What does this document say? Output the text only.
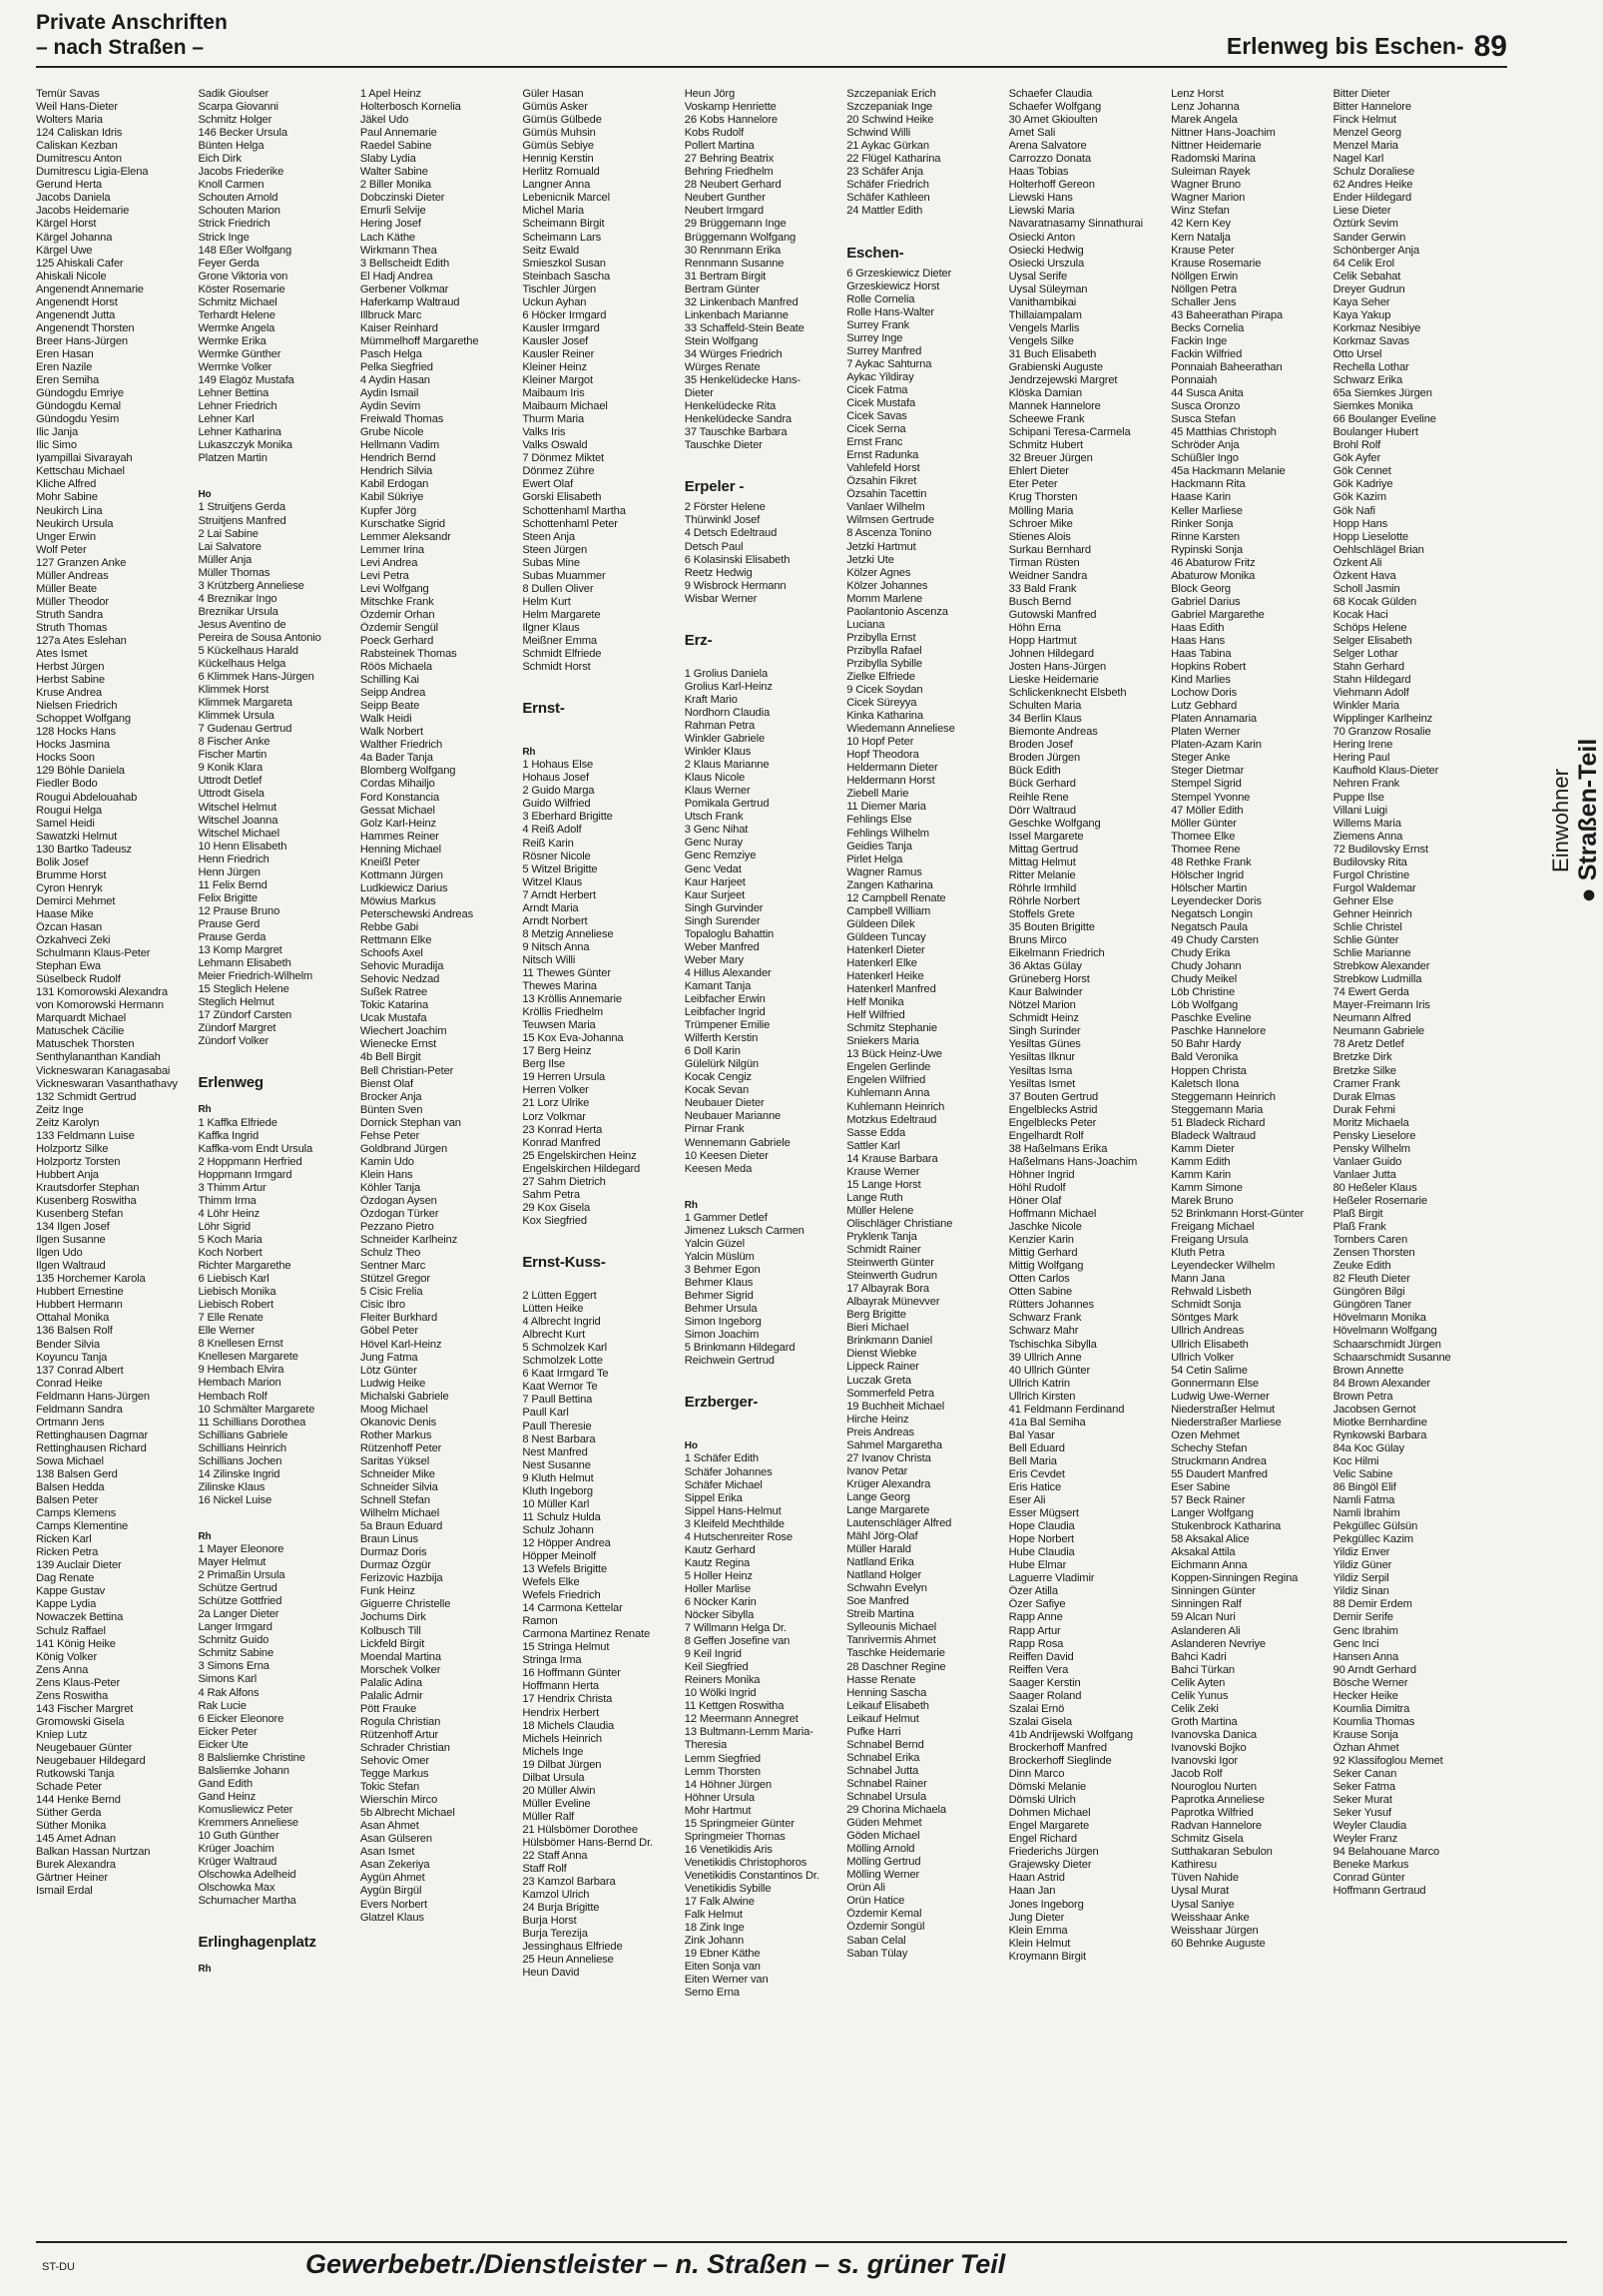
Private Anschriften
– nach Straßen –	Erlenweg bis Eschen- 89
Einwohner ● Straßen-Teil
Temür Savas
Weil Hans-Dieter
Wolters Maria
124 Caliskan Idris
Caliskan Kezban
Dumitrescu Anton
Dumitrescu Ligia-Elena
Gerund Herta
Jacobs Daniela
Jacobs Heidemarie
Kärgel Horst
Kärgel Johanna
Kärgel Uwe
125 Ahiskali Cafer
Ahiskali Nicole
Angenendt Annemarie
Angenendt Horst
Angenendt Jutta
Angenendt Thorsten
Breer Hans-Jürgen
Eren Hasan
Eren Nazile
Eren Semiha
Gündogdu Emriye
Gündogdu Kemal
Gündogdu Yesim
Ilic Janja
Ilic Simo
Iyampillai Sivarayah
Kettschau Michael
Kliche Alfred
Mohr Sabine
Neukirch Lina
Neukirch Ursula
Unger Erwin
Wolf Peter
127 Granzen Anke
Müller Andreas
Müller Beate
Müller Theodor
Struth Sandra
Struth Thomas
127a Ates Eslehan
Ates Ismet
Herbst Jürgen
Herbst Sabine
Kruse Andrea
Nielsen Friedrich
Schoppet Wolfgang
128 Hocks Hans
Hocks Jasmina
Hocks Soon
129 Böhle Daniela
Fiedler Bodo
Rougui Abdelouahab
Rougui Helga
Samel Heidi
Sawatzki Helmut
130 Bartko Tadeusz
Bolik Josef
Brumme Horst
Cyron Henryk
Demirci Mehmet
Haase Mike
Özcan Hasan
Özkahveci Zeki
Schulmann Klaus-Peter
Stephan Ewa
Süselbeck Rudolf
131 Komorowski Alexandra
von Komorowski Hermann
Marquardt Michael
Matuschek Cäcilie
Matuschek Thorsten
Senthylananthan Kandiah
Vickneswaran Kanagasabai
Vickneswaran Vasanthathavy
132 Schmidt Gertrud
Zeitz Inge
Zeitz Karolyn
133 Feldmann Luise
Holzportz Silke
Holzportz Torsten
Hubbert Anja
Krautsdorfer Stephan
Kusenberg Roswitha
Kusenberg Stefan
134 Ilgen Josef
Ilgen Susanne
Ilgen Udo
Ilgen Waltraud
135 Horchemer Karola
Hubbert Ernestine
Hubbert Hermann
Ottahal Monika
136 Balsen Rolf
Bender Silvia
Koyuncu Tanja
137 Conrad Albert
Conrad Heike
Feldmann Hans-Jürgen
Feldmann Sandra
Ortmann Jens
Rettinghausen Dagmar
Rettinghausen Richard
Sowa Michael
138 Balsen Gerd
Balsen Hedda
Balsen Peter
Camps Klemens
Camps Klementine
Ricken Karl
Ricken Petra
139 Auclair Dieter
Dag Renate
Kappe Gustav
Kappe Lydia
Nowaczek Bettina
Schulz Raffael
141 König Heike
König Volker
Zens Anna
Zens Klaus-Peter
Zens Roswitha
143 Fischer Margret
Gromowski Gisela
Kniep Lutz
Neugebauer Günter
Neugebauer Hildegard
Rutkowski Tanja
Schade Peter
144 Henke Bernd
Süther Gerda
Süther Monika
145 Amet Adnan
Balkan Hassan Nurtzan
Burek Alexandra
Gärtner Heiner
Ismail Erdal
Sadik Gioulser
Scarpa Giovanni
Schmitz Holger
146 Becker Ursula
Bünten Helga
Eich Dirk
Jacobs Friederike
Knoll Carmen
Schouten Arnold
Schouten Marion
Strick Friedrich
Strick Inge
148 Eßer Wolfgang
Feyer Gerda
Grone Viktoria von
Köster Rosemarie
Schmitz Michael
Terhardt Helene
Wermke Angela
Wermke Erika
Wermke Günther
Wermke Volker
149 Elagöz Mustafa
Lehner Bettina
Lehner Friedrich
Lehner Karl
Lehner Katharina
Lukaszczyk Monika
Platzen Martin

Ho
1 Struitjens Gerda
Struitjens Manfred
2 Lai Sabine
Lai Salvatore
Müller Anja
Müller Thomas
3 Krützberg Anneliese
4 Breznikar Ingo
Breznikar Ursula
Jesus Aventino de
Pereira de Sousa Antonio
5 Kückelhaus Harald
Kückelhaus Helga
6 Klimmek Hans-Jürgen
Klimmek Horst
Klimmek Margareta
Klimmek Ursula
7 Gudenau Gertrud
8 Fischer Anke
Fischer Martin
9 Konik Klara
Uttrodt Detlef
Uttrodt Gisela
Witschel Helmut
Witschel Joanna
Witschel Michael
10 Henn Elisabeth
Henn Friedrich
Henn Jürgen
11 Felix Bernd
Felix Brigitte
12 Prause Bruno
Prause Gerd
Prause Gerda
13 Komp Margret
Lehmann Elisabeth
Meier Friedrich-Wilhelm
15 Steglich Helene
Steglich Helmut
17 Zündorf Carsten
Zündorf Margret
Zündorf Volker

Erlenweg
Rh
1 Kaffka Elfriede
Kaffka Ingrid
Kaffka-vom Endt Ursula
2 Hoppmann Herfried
Hoppmann Irmgard
3 Thimm Artur
Thimm Irma
4 Löhr Heinz
Löhr Sigrid
5 Koch Maria
Koch Norbert
Richter Margarethe
6 Liebisch Karl
Liebisch Monika
Liebisch Robert
7 Elle Renate
Elle Werner
8 Knellesen Ernst
Knellesen Margarete
9 Hembach Elvira
Hembach Marion
Hembach Rolf
10 Schmälter Margarete
11 Schillians Dorothea
Schillians Gabriele
Schillians Heinrich
Schillians Jochen
14 Zilinske Ingrid
Zilinske Klaus
16 Nickel Luise

Rh
1 Mayer Eleonore
Mayer Helmut
2 Primaßin Ursula
Schütze Gertrud
Schütze Gottfried
2a Langer Dieter
Langer Irmgard
Schmitz Guido
Schmitz Sabine
3 Simons Erna
Simons Karl
4 Rak Alfons
Rak Lucie
6 Eicker Eleonore
Eicker Peter
Eicker Ute
8 Balsliemke Christine
Balsliemke Johann
Gand Edith
Gand Heinz
Komusliewicz Peter
Kremmers Anneliese
10 Guth Günther
Krüger Joachim
Krüger Waltraud
Olschowka Adelheid
Olschowka Max
Schumacher Martha

Erlinghagenplatz
Rh
1 Apel Heinz
Holterbosch Kornelia
Jäkel Udo
Paul Annemarie
Raedel Sabine
Slaby Lydia
Walter Sabine
2 Biller Monika
Dobczinski Dieter
Emurli Selvije
Hering Josef
Lach Käthe
Wirkmann Thea
3 Bellscheidt Edith
El Hadj Andrea
Gerbener Volkmar
Haferkamp Waltraud
Illbruck Marc
Kaiser Reinhard
Mümmelhoff Margarethe
Pasch Helga
Pelka Siegfried
4 Aydin Hasan
Aydin Ismail
Aydin Sevim
Freiwald Thomas
Grube Nicole
Hellmann Vadim
Hendrich Bernd
Hendrich Silvia
Kabil Erdogan
Kabil Sükriye
Kupfer Jörg
Kurschatke Sigrid
Lemmer Aleksandr
Lemmer Irina
Levi Andrea
Levi Petra
Levi Wolfgang
Mitschke Frank
Özdemir Orhan
Özdemir Sengül
Poeck Gerhard
Rabsteinek Thomas
Röös Michaela
Schilling Kai
Seipp Andrea
Seipp Beate
Walk Heidi
Walk Norbert
Walther Friedrich
4a Bader Tanja
Blomberg Wolfgang
Cordas Mihailjo
Ford Konstancia
Gessat Michael
Golz Karl-Heinz
Hammes Reiner
Henning Michael
Kneißl Peter
Kottmann Jürgen
Ludkiewicz Darius
Möwius Markus
Peterschewski Andreas
Rebbe Gabi
Rettmann Elke
Schoofs Axel
Sehovic Muradija
Sehovic Nedzad
Sußek Ratree
Tokic Katarina
Ucak Mustafa
Wiechert Joachim
Wienecke Ernst
4b Bell Birgit
Bell Christian-Peter
Bienst Olaf
Brocker Anja
Bünten Sven
Dornick Stephan van
Fehse Peter
Goldbrand Jürgen
Kamin Udo
Klein Hans
Köhler Tanja
Özdogan Aysen
Özdogan Türker
Pezzano Pietro
Schneider Karlheinz
Schulz Theo
Sentner Marc
Stützel Gregor
5 Cisic Frelia
Cisic Ibro
Fleiter Burkhard
Göbel Peter
Hövel Karl-Heinz
Jung Fatma
Lötz Günter
Ludwig Heike
Michalski Gabriele
Moog Michael
Okanovic Denis
Rother Markus
Rützenhoff Peter
Saritas Yüksel
Schneider Mike
Schneider Silvia
Schnell Stefan
Wilhelm Michael
5a Braun Eduard
Braun Linus
Durmaz Doris
Durmaz Özgür
Ferizovic Hazbija
Funk Heinz
Giguerre Christelle
Jochums Dirk
Kolbusch Till
Lickfeld Birgit
Moendal Martina
Morschek Volker
Palalic Adina
Palalic Admir
Pött Frauke
Rogula Christian
Rützenhoff Artur
Schrader Christian
Sehovic Omer
Tegge Markus
Tokic Stefan
Wierschin Mirco
5b Albrecht Michael
Asan Ahmet
Asan Gülseren
Asan Ismet
Asan Zekeriya
Aygün Ahmet
Aygün Birgül
Evers Norbert
Glatzel Klaus
Güler Hasan
Gümüs Asker
Gümüs Gülbede
Gümüs Muhsin
Gümüs Sebiye
Hennig Kerstin
Herlitz Romuald
Langner Anna
Lebenicnik Marcel
Michel Maria
Scheimann Birgit
Scheimann Lars
Seitz Ewald
Smieszkol Susan
Steinbach Sascha
Tischler Jürgen
Uckun Ayhan
6 Höcker Irmgard
Kausler Irmgard
Kausler Josef
Kausler Reiner
Kleiner Heinz
Kleiner Margot
Maibaum Iris
Maibaum Michael
Thurm Maria
Valks Iris
Valks Oswald
7 Dönmez Miktet
Dönmez Zühre
Ewert Olaf
Gorski Elisabeth
Schottenhaml Martha
Schottenhaml Peter
Steen Anja
Steen Jürgen
Subas Mine
Subas Muammer
8 Dullen Oliver
Helm Kurt
Helm Margarete
Ilgner Klaus
Meißner Emma
Schmidt Elfriede
Schmidt Horst

Ernst-

Rh
1 Hohaus Else
Hohaus Josef
2 Guido Marga
Guido Wilfried
3 Eberhard Brigitte
4 Reiß Adolf
Reiß Karin
Rösner Nicole
5 Witzel Brigitte
Witzel Klaus
7 Arndt Herbert
Arndt Maria
Arndt Norbert
8 Metzig Anneliese
9 Nitsch Anna
Nitsch Willi
11 Thewes Günter
Thewes Marina
13 Kröllis Annemarie
Kröllis Friedhelm
Teuwsen Maria
15 Kox Eva-Johanna
17 Berg Heinz
Berg Ilse
19 Herren Ursula
Herren Volker
21 Lorz Ulrike
Lorz Volkmar
23 Konrad Herta
Konrad Manfred
25 Engelskirchen Heinz
Engelskirchen Hildegard
27 Sahm Dietrich
Sahm Petra
29 Kox Gisela
Kox Siegfried

Ernst-Kuss-

2 Lütten Eggert
Lütten Heike
4 Albrecht Ingrid
Albrecht Kurt
5 Schmolzek Karl
Schmolzek Lotte
6 Kaat Irmgard Te
Kaat Wernor Te
7 Paull Bettina
Paull Karl
Paull Theresie
8 Nest Barbara
Nest Manfred
Nest Susanne
9 Kluth Helmut
Kluth Ingeborg
10 Müller Karl
11 Schulz Hulda
Schulz Johann
12 Höpper Andrea
Höpper Meinolf
13 Wefels Brigitte
Wefels Elke
Wefels Friedrich
14 Carmona Kettelar
Ramon
Carmona Martinez Renate
15 Stringa Helmut
Stringa Irma
16 Hoffmann Günter
Hoffmann Herta
17 Hendrix Christa
Hendrix Herbert
18 Michels Claudia
Michels Heinrich
Michels Inge
19 Dilbat Jürgen
Dilbat Ursula
20 Müller Alwin
Müller Eveline
Müller Ralf
21 Hülsbömer Dorothee
Hülsbömer Hans-Bernd Dr.
22 Staff Anna
Staff Rolf
23 Kamzol Barbara
Kamzol Ulrich
24 Burja Brigitte
Burja Horst
Burja Terezija
Jessinghaus Elfriede
25 Heun Anneliese
Heun David
Heun Jörg
Voskamp Henriette
26 Kobs Hannelore
Kobs Rudolf
Pollert Martina
27 Behring Beatrix
Behring Friedhelm
28 Neubert Gerhard
Neubert Gunther
Neubert Irmgard
29 Brüggemann Inge
Brüggemann Wolfgang
30 Rennmann Erika
Rennmann Susanne
31 Bertram Birgit
Bertram Günter
32 Linkenbach Manfred
Linkenbach Marianne
33 Schaffeld-Stein Beate
Stein Wolfgang
34 Würges Friedrich
Würges Renate
35 Henkelüdecke Hans-
Dieter
Henkelüdecke Rita
Henkelüdecke Sandra
37 Tauschke Barbara
Tauschke Dieter

Erpeler -
2 Förster Helene
Thürwinkl Josef
4 Detsch Edeltraud
Detsch Paul
6 Kolasinski Elisabeth
Reetz Hedwig
9 Wisbrock Hermann
Wisbar Werner

Erz-

1 Grolius Daniela
Grolius Karl-Heinz
Kraft Mario
Nordhorn Claudia
Rahman Petra
Winkler Gabriele
Winkler Klaus
2 Klaus Marianne
Klaus Nicole
Klaus Werner
Pomikala Gertrud
Utsch Frank
3 Genc Nihat
Genc Nuray
Genc Remziye
Genc Vedat
Kaur Harjeet
Kaur Surjeet
Singh Gurvinder
Singh Surender
Topaloglu Bahattin
Weber Manfred
Weber Mary
4 Hillus Alexander
Kamant Tanja
Leibfacher Erwin
Leibfacher Ingrid
Trümpener Emilie
Wilferth Kerstin
6 Doll Karin
Gülelürk Nilgün
Kocak Cengiz
Kocak Sevan
Neubauer Dieter
Neubauer Marianne
Pirnar Frank
Wennemann Gabriele
10 Keesen Dieter
Keesen Meda

Rh
1 Gammer Detlef
Jimenez Luksch Carmen
Yalcin Güzel
Yalcin Müslüm
3 Behmer Egon
Behmer Klaus
Behmer Sigrid
Behmer Ursula
Simon Ingeborg
Simon Joachim
5 Brinkmann Hildegard
Reichwein Gertrud

Erzberger-

Ho
1 Schäfer Edith
Schäfer Johannes
Schäfer Michael
Sippel Erika
Sippel Hans-Helmut
3 Kleifeld Mechthilde
4 Hutschenreiter Rose
Kautz Gerhard
Kautz Regina
5 Holler Heinz
Holler Marlise
6 Nöcker Karin
Nöcker Sibylla
7 Willmann Helga Dr.
8 Geffen Josefine van
9 Keil Ingrid
Keil Siegfried
Reiners Monika
10 Wölki Ingrid
11 Kettgen Roswitha
12 Meermann Annegret
13 Bultmann-Lemm Maria-
Theresia
Lemm Siegfried
Lemm Thorsten
14 Höhner Jürgen
Höhner Ursula
Mohr Hartmut
15 Springmeier Günter
Springmeier Thomas
16 Venetikidis Aris
Venetikidis Christophoros
Venetikidis Constantinos Dr.
Venetikidis Sybille
17 Falk Alwine
Falk Helmut
18 Zink Inge
Zink Johann
19 Ebner Käthe
Eiten Sonja van
Eiten Werner van
Serno Erna
Szczepaniak Erich
Szczepaniak Inge
20 Schwind Heike
Schwind Willi
21 Aykac Gürkan
22 Flügel Katharina
23 Schäfer Anja
Schäfer Friedrich
Schäfer Kathleen
24 Mattler Edith

Eschen-
6 Grzeskiewicz Dieter
Grzeskiewicz Horst
Rolle Cornelia
Rolle Hans-Walter
Surrey Frank
Surrey Inge
Surrey Manfred
7 Aykac Sahturna
Aykac Yildiray
Cicek Fatma
Cicek Mustafa
Cicek Savas
Cicek Serna
Ernst Franc
Ernst Radunka
Vahlefeld Horst
Özsahin Fikret
Özsahin Tacettin
Vanlaer Wilhelm
Wilmsen Gertrude
8 Ascenza Tonino
Jetzki Hartmut
Jetzki Ute
Kölzer Agnes
Kölzer Johannes
Momm Marlene
Paolantonio Ascenza
Luciana
Przibylla Ernst
Przibylla Rafael
Przibylla Sybille
Zielke Elfriede
9 Cicek Soydan
Cicek Süreyya
Kinka Katharina
Wiedemann Anneliese
10 Hopf Peter
Hopf Theodora
Heldermann Dieter
Heldermann Horst
Ziebell Marie
11 Diemer Maria
Fehlings Else
Fehlings Wilhelm
Geidies Tanja
Pirlet Helga
Wagner Ramus
Zangen Katharina
12 Campbell Renate
Campbell William
Güldeen Dilek
Güldeen Tuncay
Hatenkerl Dieter
Hatenkerl Elke
Hatenkerl Heike
Hatenkerl Manfred
Helf Monika
Helf Wilfried
Schmitz Stephanie
Sniekers Maria
13 Bück Heinz-Uwe
Engelen Gerlinde
Engelen Wilfried
Kuhlemann Anna
Kuhlemann Heinrich
Motzkus Edeltraud
Sasse Edda
Sattler Karl
14 Krause Barbara
Krause Werner
15 Lange Horst
Lange Ruth
Müller Helene
Olischläger Christiane
Pryklenk Tanja
Schmidt Rainer
Steinwerth Günter
Steinwerth Gudrun
17 Albayrak Bora
Albayrak Münevver
Berg Brigitte
Bieri Michael
Brinkmann Daniel
Dienst Wiebke
Lippeck Rainer
Luczak Greta
Sommerfeld Petra
19 Buchheit Michael
Hirche Heinz
Preis Andreas
Sahmel Margaretha
27 Ivanov Christa
Ivanov Petar
Krüger Alexandra
Lange Georg
Lange Margarete
Lautenschläger Alfred
Mähl Jörg-Olaf
Müller Harald
Natlland Erika
Natlland Holger
Schwahn Evelyn
Soe Manfred
Streib Martina
Sylleounis Michael
Tanrivermis Ahmet
Taschke Heidemarie
28 Daschner Regine
Hasse Renate
Henning Sascha
Leikauf Elisabeth
Leikauf Helmut
Pufke Harri
Schnabel Bernd
Schnabel Erika
Schnabel Jutta
Schnabel Rainer
Schnabel Ursula
29 Chorina Michaela
Güden Mehmet
Göden Michael
Mölling Arnold
Mölling Gertrud
Mölling Werner
Orün Ali
Orün Hatice
Özdemir Kemal
Özdemir Songül
Saban Celal
Saban Tülay
Schaefer Claudia
Schaefer Wolfgang
30 Amet Gkioulten
Amet Sali
Arena Salvatore
Carrozzo Donata
Haas Tobias
Holterhoff Gereon
Liewski Hans
Liewski Maria
Navaratnasamy Sinnathurai
Osiecki Anton
Osiecki Hedwig
Osiecki Urszula
Uysal Serife
Uysal Süleyman
Vanithambikai
Thillaiampalam
Vengels Marlis
Vengels Silke
31 Buch Elisabeth
Grabienski Auguste
Jendrzejewski Margret
Klöska Damian
Mannek Hannelore
Scheewe Frank
Schipani Teresa-Carmela
Schmitz Hubert
32 Breuer Jürgen
Ehlert Dieter
Eter Peter
Krug Thorsten
Mölling Maria
Schroer Mike
Stienes Alois
Surkau Bernhard
Tirman Rüsten
Weidner Sandra
33 Bald Frank
Busch Bernd
Gutowski Manfred
Höhn Erna
Hopp Hartmut
Johnen Hildegard
Josten Hans-Jürgen
Lieske Heidemarie
Schlickenknecht Elsbeth
Schulten Maria
34 Berlin Klaus
Biemonte Andreas
Broden Josef
Broden Jürgen
Bück Edith
Bück Gerhard
Reihle Rene
Dörr Waltraud
Geschke Wolfgang
Issel Margarete
Mittag Gertrud
Mittag Helmut
Ritter Melanie
Röhrle Irmhild
Röhrle Norbert
Stoffels Grete
35 Bouten Brigitte
Bruns Mirco
Eikelmann Friedrich
36 Aktas Gülay
Grüneberg Horst
Kaur Balwinder
Nötzel Marion
Schmidt Heinz
Singh Surinder
Yesiltas Günes
Yesiltas Ilknur
Yesiltas Isma
Yesiltas Ismet
37 Bouten Gertrud
Engelblecks Astrid
Engelblecks Peter
Engelhardt Rolf
38 Haßelmans Erika
Haßelmans Hans-Joachim
Höhner Ingrid
Höhl Rudolf
Höner Olaf
Hoffmann Michael
Jaschke Nicole
Kenzier Karin
Mittig Gerhard
Mittig Wolfgang
Otten Carlos
Otten Sabine
Rütters Johannes
Schwarz Frank
Schwarz Mahr
Tschischka Sibylla
39 Ullrich Anne
40 Ullrich Günter
Ullrich Katrin
Ullrich Kirsten
41 Feldmann Ferdinand
41a Bal Semiha
Bal Yasar
Bell Eduard
Bell Maria
Eris Cevdet
Eris Hatice
Eser Ali
Esser Mügsert
Hope Claudia
Hope Norbert
Hube Claudia
Hube Elmar
Laguerre Vladimir
Özer Atilla
Özer Safiye
Rapp Anne
Rapp Artur
Rapp Rosa
Reiffen David
Reiffen Vera
Saager Kerstin
Saager Roland
Szalai Ernö
Szalai Gisela
41b Andrijewski Wolfgang
Brockerhoff Manfred
Brockerhoff Sieglinde
Dinn Marco
Dömski Melanie
Dömski Ulrich
Dohmen Michael
Engel Margarete
Engel Richard
Friederichs Jürgen
Grajewsky Dieter
Haan Astrid
Haan Jan
Jones Ingeborg
Jung Dieter
Klein Emma
Klein Helmut
Kroymann Birgit
Lenz Horst
Lenz Johanna
Marek Angela
Nittner Hans-Joachim
Nittner Heidemarie
Radomski Marina
Suleiman Rayek
Wagner Bruno
Wagner Marion
Winz Stefan
42 Kern Key
Kern Natalja
Krause Peter
Krause Rosemarie
Nöllgen Erwin
Nöllgen Petra
Schaller Jens
43 Baheerathan Pirapa
Becks Cornelia
Fackin Inge
Fackin Wilfried
Ponnaiah Baheerathan
Ponnaiah
44 Susca Anita
Susca Oronzo
Susca Stefan
45 Matthias Christoph
Schröder Anja
Schüßler Ingo
45a Hackmann Melanie
Hackmann Rita
Haase Karin
Keller Marliese
Rinker Sonja
Rinne Karsten
Rypinski Sonja
46 Abaturow Fritz
Abaturow Monika
Block Georg
Gabriel Darius
Gabriel Margarethe
Haas Edith
Haas Hans
Haas Tabina
Hopkins Robert
Kind Marlies
Lochow Doris
Lutz Gebhard
Platen Annamaria
Platen Werner
Platen-Azam Karin
Steger Anke
Steger Dietmar
Stempel Sigrid
Stempel Yvonne
47 Möller Edith
Möller Günter
Thomee Elke
Thomee Rene
48 Rethke Frank
Hölscher Ingrid
Hölscher Martin
Leyendecker Doris
Negatsch Longin
Negatsch Paula
49 Chudy Carsten
Chudy Erika
Chudy Johann
Chudy Meikel
Löb Christine
Löb Wolfgang
Paschke Eveline
Paschke Hannelore
50 Bahr Hardy
Bald Veronika
Hoppen Christa
Kaletsch Ilona
Steggemann Heinrich
Steggemann Maria
51 Bladeck Richard
Bladeck Waltraud
Kamm Dieter
Kamm Edith
Kamm Karin
Kamm Simone
Marek Bruno
52 Brinkmann Horst-Günter
Freigang Michael
Freigang Ursula
Kluth Petra
Leyendecker Wilhelm
Mann Jana
Rehwald Lisbeth
Schmidt Sonja
Söntges Mark
Ullrich Andreas
Ullrich Elisabeth
Ullrich Volker
54 Cetin Salime
Gonnermann Else
Ludwig Uwe-Werner
Niederstraßer Helmut
Niederstraßer Marliese
Ozen Mehmet
Schechy Stefan
Struckmann Andrea
55 Daudert Manfred
Eser Sabine
57 Beck Rainer
Langer Wolfgang
Stukenbrock Katharina
58 Aksakal Alice
Aksakal Attila
Eichmann Anna
Koppen-Sinningen Regina
Sinningen Günter
Sinningen Ralf
59 Alcan Nuri
Aslanderen Ali
Aslanderen Nevriye
Bahci Kadri
Bahci Türkan
Celik Ayten
Celik Yunus
Celik Zeki
Groth Martina
Ivanovska Danica
Ivanovski Bojko
Ivanovski Igor
Jacob Rolf
Nouroglou Nurten
Paprotka Anneliese
Paprotka Wilfried
Radvan Hannelore
Schmitz Gisela
Sutthakaran Sebulon
Kathiresu
Tüven Nahide
Uysal Murat
Uysal Saniye
Weisshaar Anke
Weisshaar Jürgen
60 Behnke Auguste
Bitter Dieter
Bitter Hannelore
Finck Helmut
Menzel Georg
Menzel Maria
Nagel Karl
Schulz Doraliese
62 Andres Heike
Ender Hildegard
Liese Dieter
Öztürk Sevim
Sander Gerwin
Schönberger Anja
64 Celik Erol
Celik Sebahat
Dreyer Gudrun
Kaya Seher
Kaya Yakup
Korkmaz Nesibiye
Korkmaz Savas
Otto Ursel
Rechella Lothar
Schwarz Erika
65a Siemkes Jürgen
Siemkes Monika
66 Boulanger Eveline
Boulanger Hubert
Brohl Rolf
Gök Ayfer
Gök Cennet
Gök Kadriye
Gök Kazim
Gök Nafi
Hopp Hans
Hopp Lieselotte
Oehlschlägel Brian
Özkent Ali
Özkent Hava
Scholl Jasmin
68 Kocak Gülden
Kocak Haci
Schöps Helene
Selger Elisabeth
Selger Lothar
Stahn Gerhard
Stahn Hildegard
Viehmann Adolf
Winkler Maria
Wipplinger Karlheinz
70 Granzow Rosalie
Hering Irene
Hering Paul
Kaufhold Klaus-Dieter
Nehren Frank
Puppe Ilse
Villani Luigi
Willems Maria
Ziemens Anna
72 Budilovsky Ernst
Budilovsky Rita
Furgol Christine
Furgol Waldemar
Gehner Else
Gehner Heinrich
Schlie Christel
Schlie Günter
Schlie Marianne
Strebkow Alexander
Strebkow Ludmilla
74 Ewert Gerda
Mayer-Freimann Iris
Neumann Alfred
Neumann Gabriele
78 Aretz Detlef
Bretzke Dirk
Bretzke Silke
Cramer Frank
Durak Elmas
Durak Fehmi
Moritz Michaela
Pensky Lieselore
Pensky Wilhelm
Vanlaer Guido
Vanlaer Jutta
80 Heßeler Klaus
Heßeler Rosemarie
Plaß Birgit
Plaß Frank
Tombers Caren
Zensen Thorsten
Zeuke Edith
82 Fleuth Dieter
Güngören Bilgi
Güngören Taner
Hövelmann Monika
Hövelmann Wolfgang
Schaarschmidt Jürgen
Schaarschmidt Susanne
Brown Annette
84 Brown Alexander
Brown Petra
Jacobsen Gernot
Miotke Bernhardine
Rynkowski Barbara
84a Koc Gülay
Koc Hilmi
Velic Sabine
86 Bingöl Elif
Namli Fatma
Namli İbrahim
Pekgüllec Gülsün
Pekgüllec Kazim
Yildiz Enver
Yildiz Güner
Yildiz Serpil
Yildiz Sinan
88 Demir Erdem
Demir Serife
Genc Ibrahim
Genc Inci
Hansen Anna
90 Arndt Gerhard
Bösche Werner
Hecker Heike
Koumlia Dimitra
Koumlia Thomas
Krause Sonja
Özhan Ahmet
92 Klassifoglou Memet
Seker Canan
Seker Fatma
Seker Murat
Seker Yusuf
Weyler Claudia
Weyler Franz
94 Belahouane Marco
Beneke Markus
Conrad Günter
Hoffmann Gertraud
ST-DU	Gewerbebetr./Dienstleister – n. Straßen – s. grüner Teil
